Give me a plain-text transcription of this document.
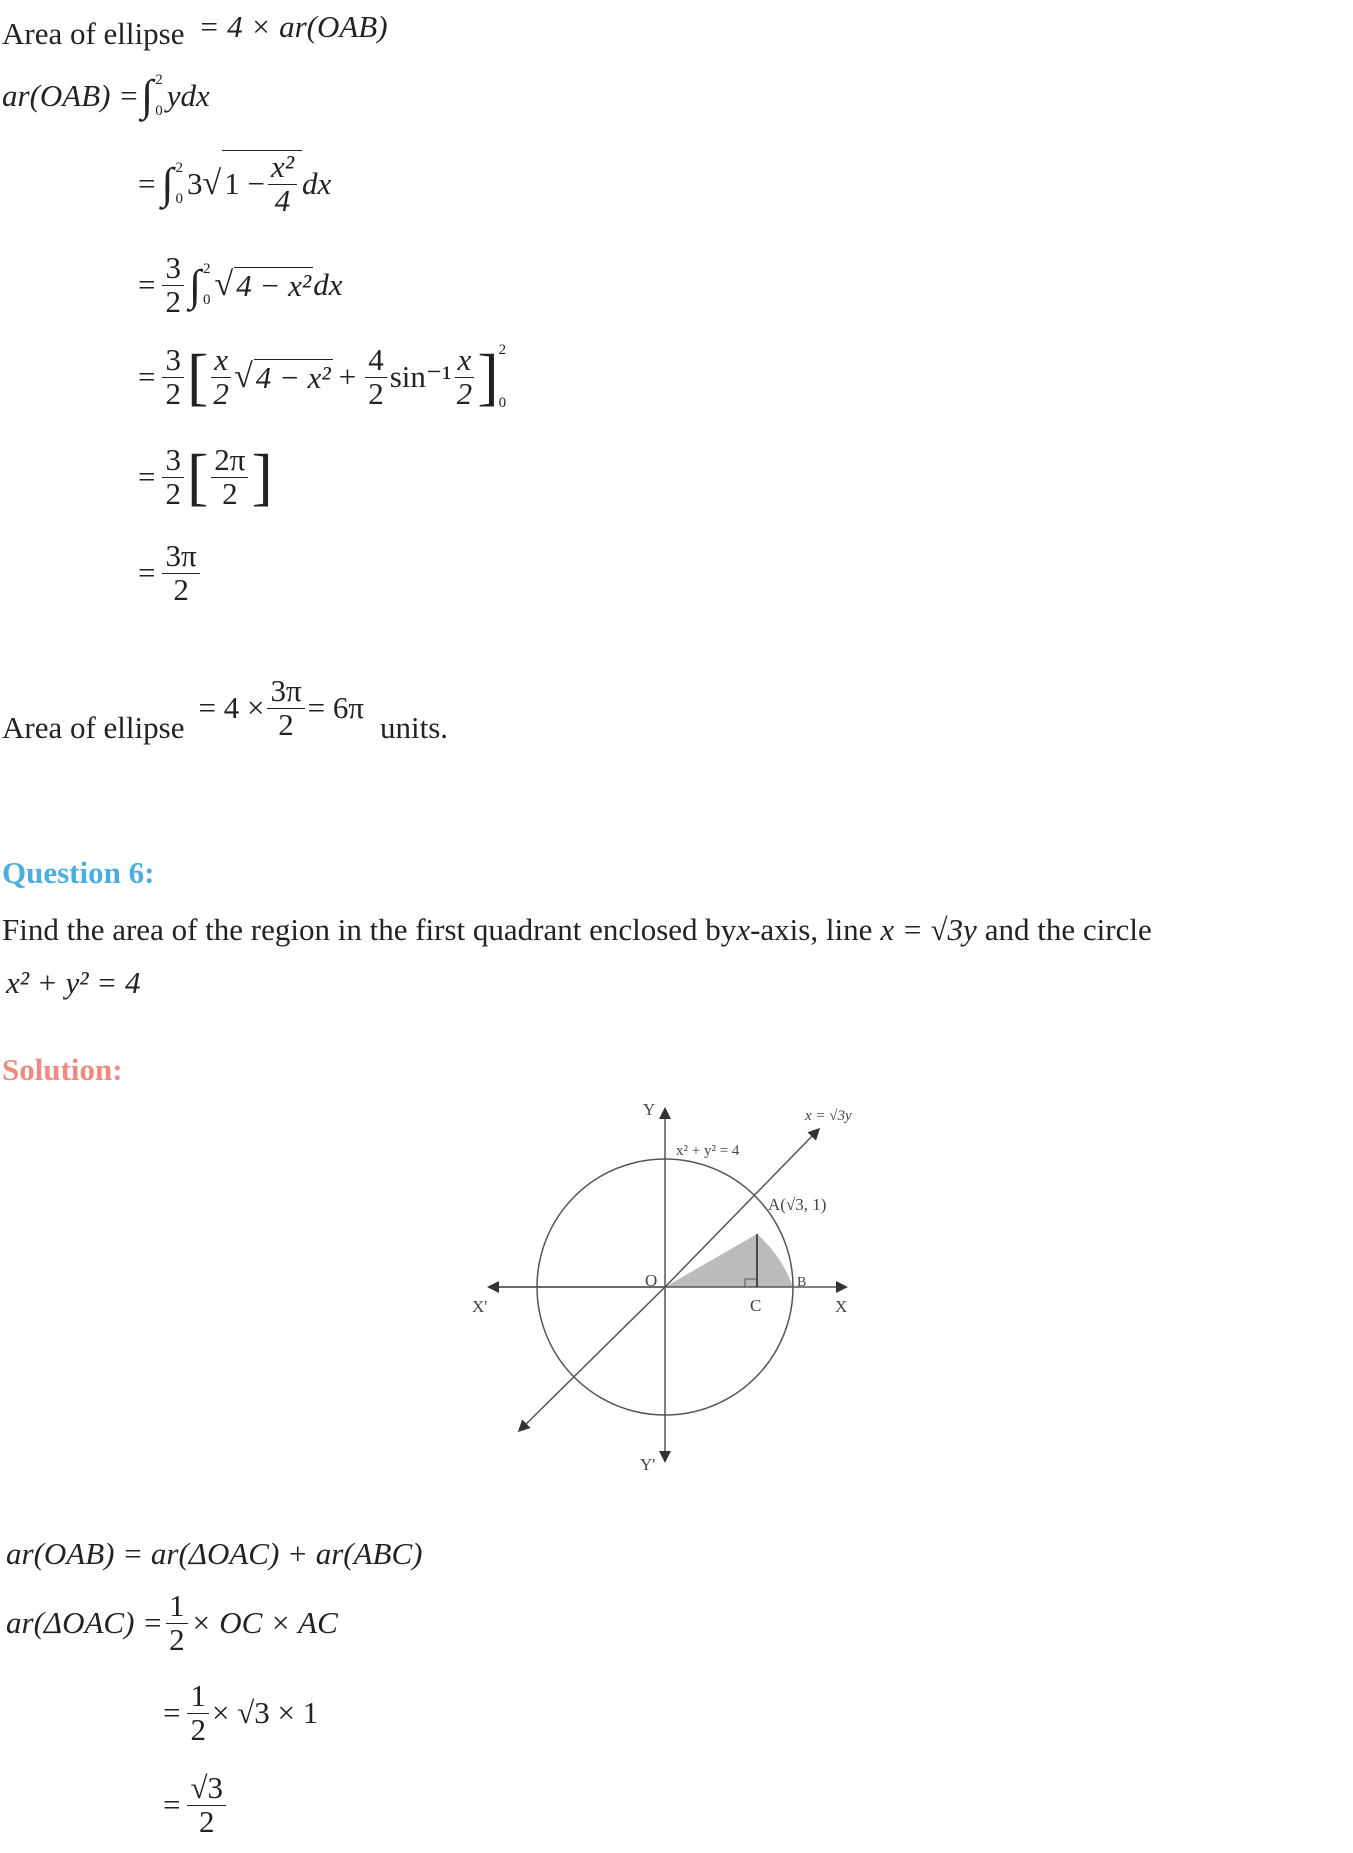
Area of ellipse = 4 × ar(OAB)
ar(OAB) = ∫ 2
0 ydx
= ∫ 2
0 3 √ $1 - \frac{\text{x²}}{4}$ dx
= $\frac{3}{2}$ ∫ 2
0 √ 4 − x² dx
= $\frac{3}{2}$ [ $\frac{x}{2}$ √ $4 - x^2 + \frac{4}{2} \sin^{-1} \frac{x}{2}$ ] 2
0
= $\frac{3}{2}$ [ $\frac{2\pi}{2}$ ]
= $\frac{3\pi}{2}$
Area of ellipse
= $4 \times \frac{3\pi}{2} = 6\pi$
units.
Question 6:
Find the area of the region in the first quadrant enclosed by x -axis, line x = √3y and the circle
x² + y² = 4
Solution:
Y
Y'
X
X'
O	B
C
A(√3, 1)
x² + y² = 4
x = √3y
ar(OAB) = ar(ΔOAC) + ar(ABC)
$ar(\Delta OAC) = \frac{1}{2}$ × OC × AC
= $\frac{1}{2} \times √3 \times 1$
= $\frac{√3}{2}$
